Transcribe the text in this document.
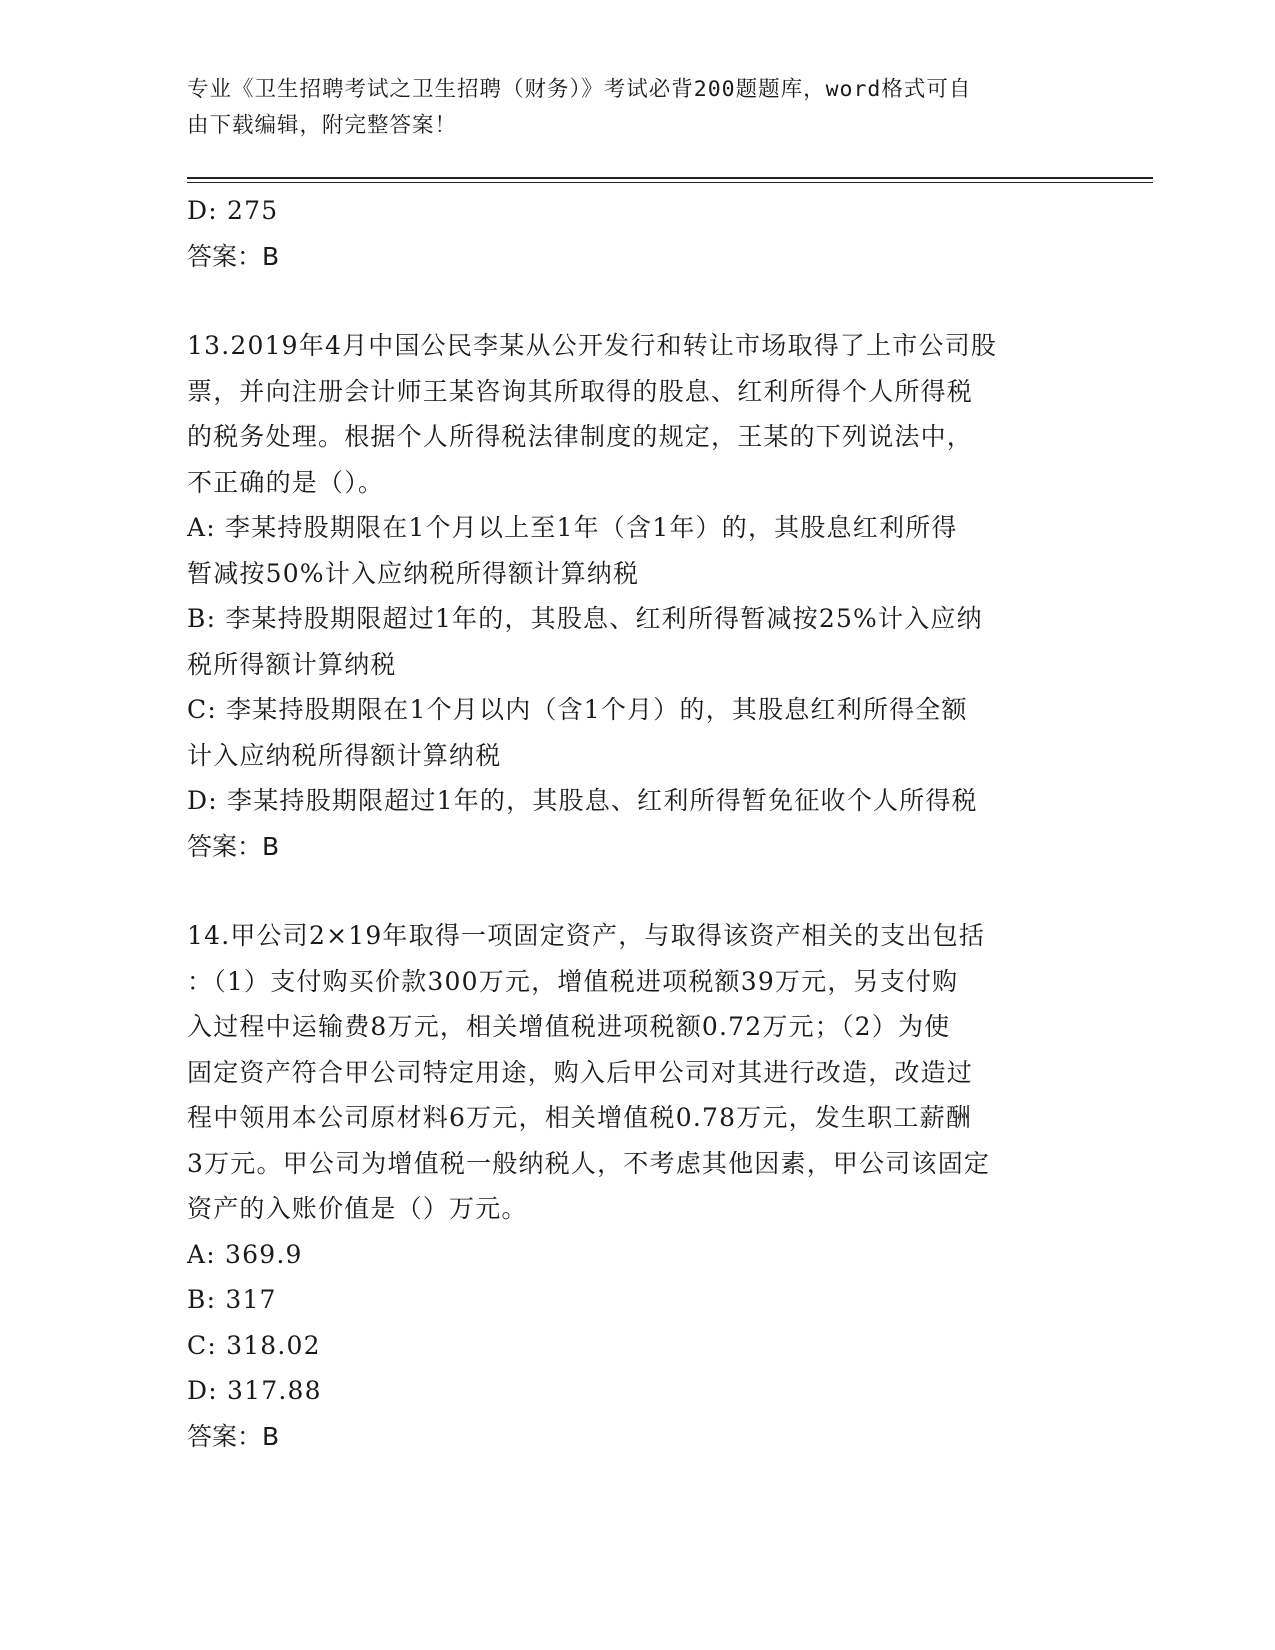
专业《卫生招聘考试之卫生招聘（财务）》考试必背200题题库，word格式可自
由下载编辑，附完整答案！
D: 275
答案：B
13.2019年4月中国公民李某从公开发行和转让市场取得了上市公司股
票，并向注册会计师王某咨询其所取得的股息、红利所得个人所得税
的税务处理。根据个人所得税法律制度的规定，王某的下列说法中，
不正确的是（）。
A: 李某持股期限在1个月以上至1年（含1年）的，其股息红利所得
暂减按50%计入应纳税所得额计算纳税
B: 李某持股期限超过1年的，其股息、红利所得暂减按25%计入应纳
税所得额计算纳税
C: 李某持股期限在1个月以内（含1个月）的，其股息红利所得全额
计入应纳税所得额计算纳税
D: 李某持股期限超过1年的，其股息、红利所得暂免征收个人所得税
答案：B
14.甲公司2×19年取得一项固定资产，与取得该资产相关的支出包括
：（1）支付购买价款300万元，增值税进项税额39万元，另支付购
入过程中运输费8万元，相关增值税进项税额0.72万元；（2）为使
固定资产符合甲公司特定用途，购入后甲公司对其进行改造，改造过
程中领用本公司原材料6万元，相关增值税0.78万元，发生职工薪酬
3万元。甲公司为增值税一般纳税人，不考虑其他因素，甲公司该固定
资产的入账价值是（）万元。
A: 369.9
B: 317
C: 318.02
D: 317.88
答案：B
